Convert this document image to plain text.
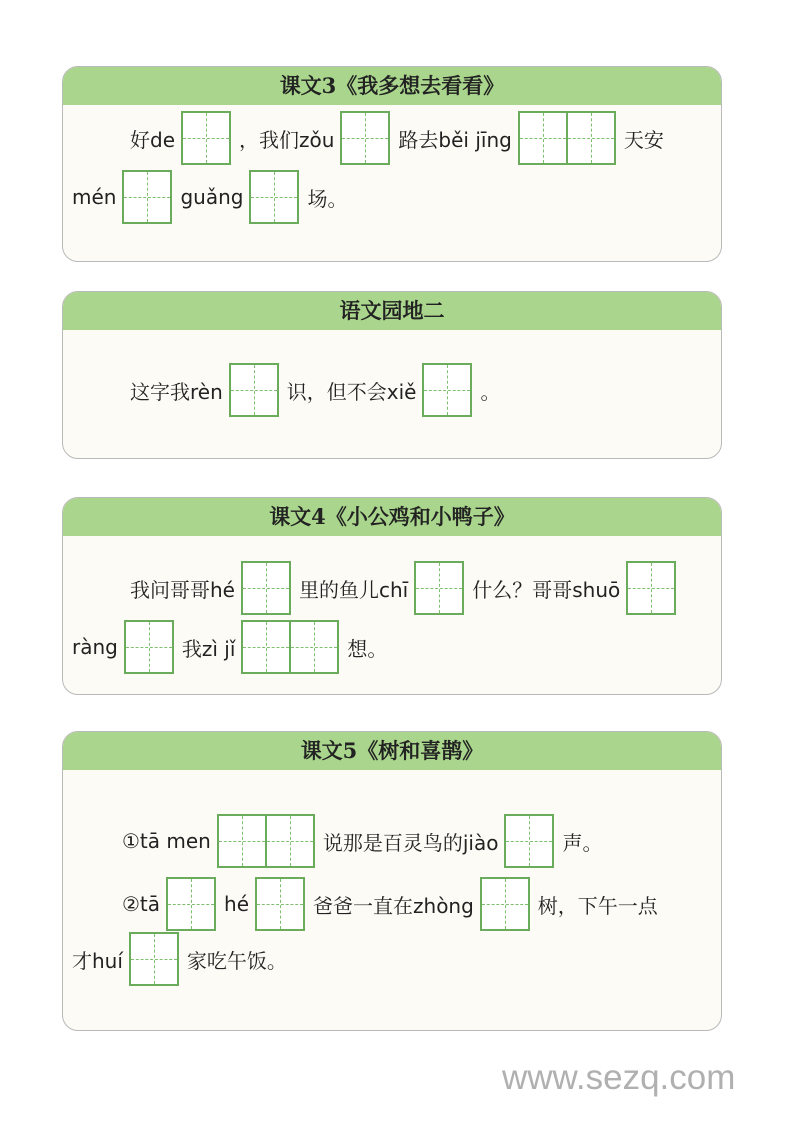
www.sezq.com
课文3《我多想去看看》
好de	，我们zǒu	路去běi jīng	天安
mén	guǎng	场。
语文园地二
这字我rèn	识，但不会xiě	。
课文4《小公鸡和小鸭子》
我问哥哥hé	里的鱼儿chī	什么？哥哥shuō
ràng	我zì jǐ	想。
课文5《树和喜鹊》
①tā men	说那是百灵鸟的jiào	声。
②tā	hé	爸爸一直在zhòng	树，下午一点
才huí	家吃午饭。
